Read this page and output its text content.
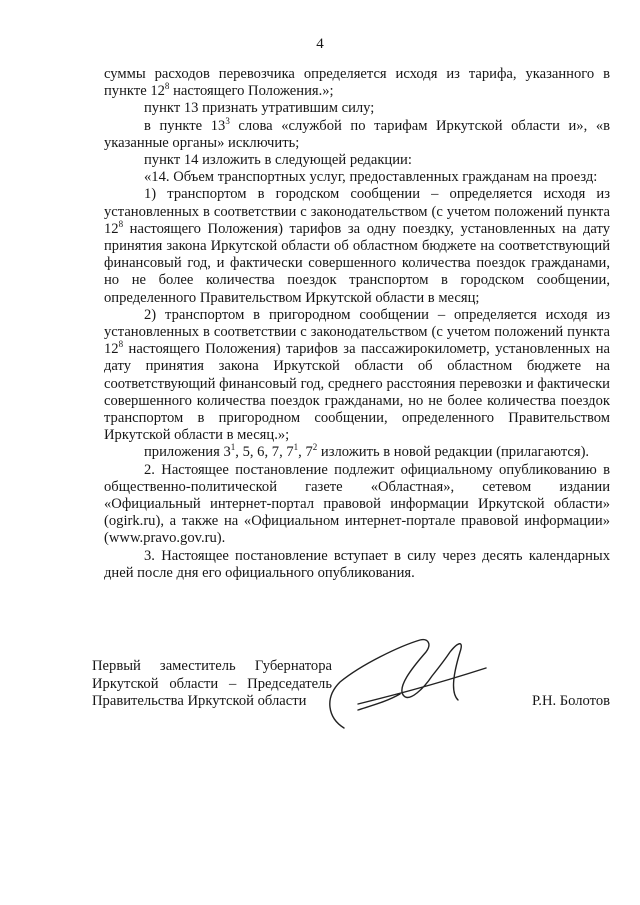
4

суммы расходов перевозчика определяется исходя из тарифа, указанного в пункте $12^8$ настоящего Положения.»;

пункт 13 признать утратившим силу;

в пункте $13^3$ слова «службой по тарифам Иркутской области и», «в указанные органы» исключить;

пункт 14 изложить в следующей редакции:

«14. Объем транспортных услуг, предоставленных гражданам на проезд:

1) транспортом в городском сообщении – определяется исходя из установленных в соответствии с законодательством (с учетом положений пункта $12^8$ настоящего Положения) тарифов за одну поездку, установленных на дату принятия закона Иркутской области об областном бюджете на соответствующий финансовый год, и фактически совершенного количества поездок гражданами, но не более количества поездок транспортом в городском сообщении, определенного Правительством Иркутской области в месяц;

2) транспортом в пригородном сообщении – определяется исходя из установленных в соответствии с законодательством (с учетом положений пункта $12^8$ настоящего Положения) тарифов за пассажирокилометр, установленных на дату принятия закона Иркутской области об областном бюджете на соответствующий финансовый год, среднего расстояния перевозки и фактически совершенного количества поездок гражданами, но не более количества поездок транспортом в пригородном сообщении, определенного Правительством Иркутской области в месяц.»;

приложения $3^1$, 5, 6, 7, $7^1$, $7^2$ изложить в новой редакции (прилагаются).

2. Настоящее постановление подлежит официальному опубликованию в общественно-политической газете «Областная», сетевом издании «Официальный интернет-портал правовой информации Иркутской области» (ogirk.ru), а также на «Официальном интернет-портале правовой информации» (www.pravo.gov.ru).

3. Настоящее постановление вступает в силу через десять календарных дней после дня его официального опубликования.

Первый заместитель Губернатора
Иркутской области – Председатель
Правительства Иркутской области	Р.Н. Болотов
